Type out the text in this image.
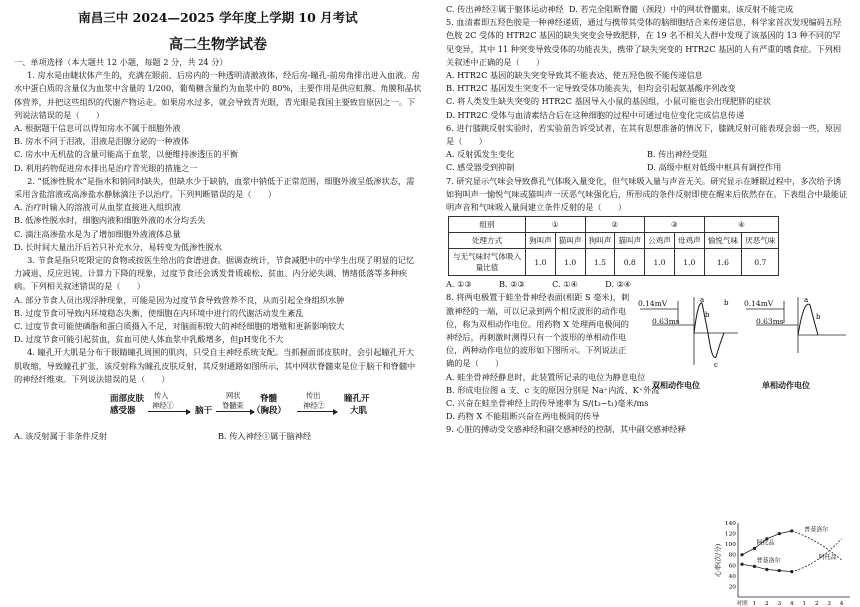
南昌三中 2024—2025 学年度上学期 10 月考试
高二生物学试卷

一、单项选择（本大题共 12 小题，每题 2 分，共 24 分）

1. 房水是由睫状体产生的，充满在眼前、后房内的一种透明清澈液体，经后房-瞳孔-前房角排出进入血液。房水中蛋白质的含量仅为血浆中含量的 1/200，葡萄糖含量约为血浆中的 80%，主要作用是供应虹膜、角膜和晶状体营养，并把这些组织的代谢产物运走。如果房水过多，就会导致青光眼，青光眼是我国主要致盲原因之一。下列说法错误的是（　　）

A. 根据题干信息可以得知房水不属于细胞外液

B. 房水不同于泪液，泪液是泪腺分泌的一种液体

C. 房水中无机盐的含量可能高于血浆，以便维持渗透压的平衡

D. 利用药物促进房水排出是治疗青光眼的措施之一

2. “低渗性脱水”是指水和钠同时缺失，但缺水少于缺钠，血浆中钠低于正常范围，细胞外液呈低渗状态，需采用含盐溶液或高渗盐水静脉滴注予以治疗。下列判断错误的是（　　）

A. 治疗时输入的溶液可从血浆直接进入组织液

B. 低渗性脱水时，细胞内液和细胞外液的水分均丢失

C. 滴注高渗盐水是为了增加细胞外液液体总量

D. 长时间大量出汗后若只补充水分，易转变为低渗性脱水

3. 节食是指只吃限定的食物或按医生给出的食谱进食。据调查统计，节食减肥中的中学生出现了明显的记忆力减退、反应迟钝、计算力下降的现象，过度节食还会诱发骨质疏松、贫血、内分泌失调、情绪低落等多种疾病。下列相关叙述错误的是（　　）

A. 部分节食人员出现浮肿现象，可能是因为过度节食导致营养不良，从而引起全身组织水肿

B. 过度节食可导致内环境稳态失衡，使细胞在内环境中进行的代谢活动发生紊乱

C. 过度节食可能使磷脂和蛋白质摄入不足，对脑面积较大的神经细胞的增殖和更新影响较大

D. 过度节食可能引起贫血，贫血可使人体血浆中乳酸增多，但pH变化不大

4. 瞳孔开大肌是分布于眼睛瞳孔周围的肌肉，只受自主神经系统支配。当抓握面部皮肤时，会引起瞳孔开大肌收缩，导致瞳孔扩张，该反射称为瞳孔皮肤反射，其反射通路如图所示，其中网状脊髓束是位于脑干和脊髓中的神经纤维束。下列说法错误的是（　　）

面部皮肤
感受器
传入
神经①
脑干
网状
脊髓束
脊髓
（胸段）
传出
神经②
瞳孔开
大肌
A. 该反射属于非条件反射	B. 传入神经①属于脑神经

C. 传出神经②属于躯体运动神经 D. 若完全阻断脊髓（颈段）中的网状脊髓束，该反射不能完成

5. 血清素即五羟色胺是一种神经递质，通过与携带其受体的脑细胞结合来传递信息，科学家首次发现编码五羟色胺 2C 受体的 HTR2C 基因的缺失突变会导致肥胖，在 19 名不相关人群中发现了该基因的 13 种不同的罕见变异，其中 11 种突变导致受体的功能丧失，携带了缺失突变的 HTR2C 基因的人有严重的嗜食症。下列相关叙述中正确的是（　　）

A. HTR2C 基因的缺失突变导致其不能表达，使五羟色胺不能传递信息

B. HTR2C 基因发生突变不一定导致受体功能丧失，但均会引起氨基酸序列改变

C. 将人类发生缺失突变的 HTR2C 基因导入小鼠的基因组，小鼠可能也会出现肥胖的症状

D. HTR2C 受体与血清素结合后在这种细胞的过程中可通过电位变化完成信息传递

6. 进行膝跳反射实验时，若实验前告诉受试者，在其有思想准备的情况下，膝跳反射可能表现会弱一些，原因是（　　）

A. 反射弧发生变化	B. 传出神经受阻
C. 感受器受到抑制	D. 高级中枢对低级中枢具有调控作用

7. 研究显示气味会导致鼻孔气体吸入量变化，但气味吸入量与声音无关。研究显示在睡眠过程中，多次给予诱如狗叫声一愉悦气味或猫叫声一厌恶气味强化后，所形成的条件反射即使在醒来后依然存在。下表组合中最能证明声音和气味吸入量间建立条件反射的是（　　）

组别	①		②		③		④	
处理方式	狗叫声	猫叫声	狗叫声	猫叫声	公鸡声	母鸡声	愉悦气味	厌恶气味
与无气味时气体吸入量比值	1.0	1.0	1.5	0.8	1.0	1.0	1.6	0.7

A. ①③   	B. ②③   	C. ①④   	D. ②④

8. 将两电极置于蛙坐骨神经表面(相距 S 毫米)，刺激神经的一端，可以记录到两个相反波形的动作电位，称为双相动作电位。用药物 X 处理两电极间的神经后，再刺激时测得只有一个波形的单相动作电位，两种动作电位的波形如下图所示。下列说法正确的是（　　）

0.14mV
0.63ms
a
b
c
b
双相动作电位
0.14mV
0.63ms
a
b
单相动作电位

A. 蛙坐骨神经静息时，此装置所记录的电位为静息电位

B. 形成电位图 a 支、c 支的原因分别是 Na⁺内流、K⁺外流

C. 兴奋在蛙坐骨神经上的传导速率为 S/(t₃−t₁)毫米/ms

D. 药物 X 不能阻断兴奋在两电极间的传导

9. 心脏的搏动受交感神经和副交感神经的控制，其中副交感神经释

心率(次/分)
140
120
100
80
60
40
20
对照 1 2 3 4 1 2 3 4
阿托品
普萘洛尔
普萘洛尔
阿托品
